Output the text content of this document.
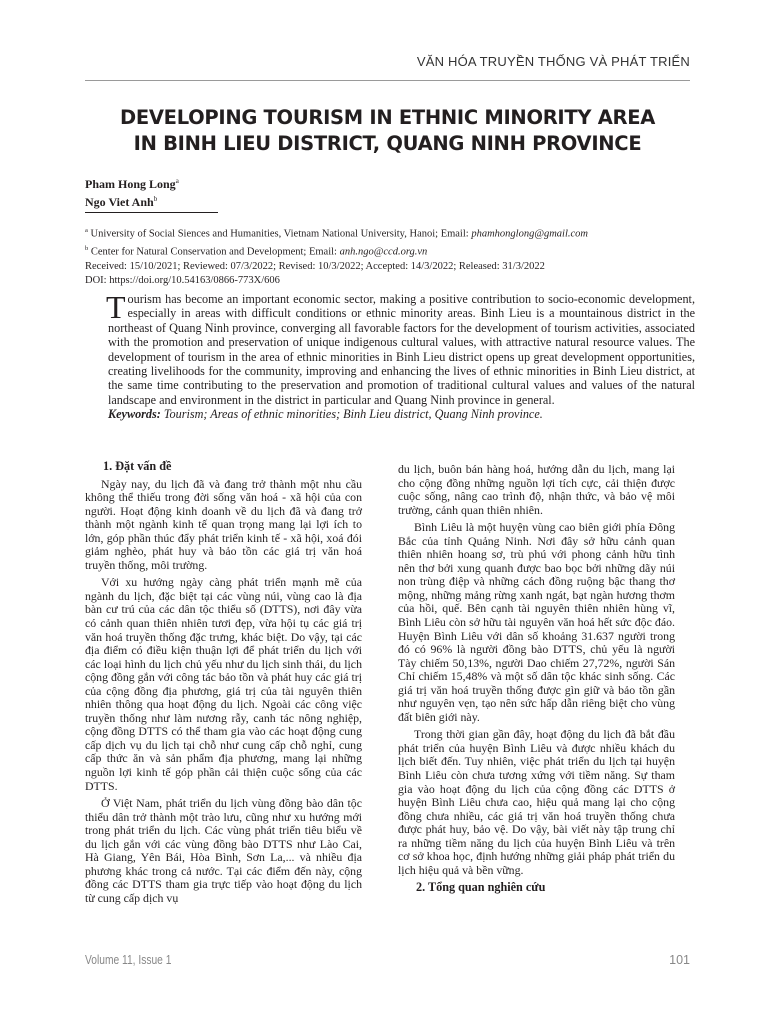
VĂN HÓA TRUYỀN THỐNG VÀ PHÁT TRIỂN
DEVELOPING TOURISM IN ETHNIC MINORITY AREA
IN BINH LIEU DISTRICT, QUANG NINH PROVINCE
Pham Hong Long$^a$
Ngo Viet Anh$^b$
$^a$ University of Social Siences and Humanities, Vietnam National University, Hanoi; Email: phamhonglong@gmail.com
$^b$ Center for Natural Conservation and Development; Email: anh.ngo@ccd.org.vn
Received: 15/10/2021; Reviewed: 07/3/2022; Revised: 10/3/2022; Accepted: 14/3/2022; Released: 31/3/2022
DOI: https://doi.org/10.54163/0866-773X/606
Tourism has become an important economic sector, making a positive contribution to socio-economic development, especially in areas with difficult conditions or ethnic minority areas. Binh Lieu is a mountainous district in the northeast of Quang Ninh province, converging all favorable factors for the development of tourism activities, associated with the promotion and preservation of unique indigenous cultural values, with attractive natural resource values. The development of tourism in the area of ethnic minorities in Binh Lieu district opens up great development opportunities, creating livelihoods for the community, improving and enhancing the lives of ethnic minorities in Binh Lieu district, at the same time contributing to the preservation and promotion of traditional cultural values and values of the natural landscape and environment in the district in particular and Quang Ninh province in general.
Keywords: Tourism; Areas of ethnic minorities; Binh Lieu district, Quang Ninh province.
1. Đặt vấn đề

Ngày nay, du lịch đã và đang trở thành một nhu cầu không thể thiếu trong đời sống văn hoá - xã hội của con người. Hoạt động kinh doanh về du lịch đã và đang trở thành một ngành kinh tế quan trọng mang lại lợi ích to lớn, góp phần thúc đẩy phát triển kinh tế - xã hội, xoá đói giảm nghèo, phát huy và bảo tồn các giá trị văn hoá truyền thống, môi trường.

Với xu hướng ngày càng phát triển mạnh mẽ của ngành du lịch, đặc biệt tại các vùng núi, vùng cao là địa bàn cư trú của các dân tộc thiểu số (DTTS), nơi đây vừa có cảnh quan thiên nhiên tươi đẹp, vừa hội tụ các giá trị văn hoá truyền thống đặc trưng, khác biệt. Do vậy, tại các địa điểm có điều kiện thuận lợi để phát triển du lịch với các loại hình du lịch chủ yếu như du lịch sinh thái, du lịch cộng đồng gắn với công tác bảo tồn và phát huy các giá trị của cộng đồng địa phương, giá trị của tài nguyên thiên nhiên thông qua hoạt động du lịch. Ngoài các công việc truyền thống như làm nương rẫy, canh tác nông nghiệp, cộng đồng DTTS có thể tham gia vào các hoạt động cung cấp dịch vụ du lịch tại chỗ như cung cấp chỗ nghỉ, cung cấp thức ăn và sản phẩm địa phương, mang lại những nguồn lợi kinh tế góp phần cải thiện cuộc sống của các DTTS.

Ở Việt Nam, phát triển du lịch vùng đồng bào dân tộc thiểu dân trở thành một trào lưu, cũng như xu hướng mới trong phát triển du lịch. Các vùng phát triển tiêu biểu về du lịch gắn với các vùng đồng bào DTTS như Lào Cai, Hà Giang, Yên Bái, Hòa Bình, Sơn La,... và nhiều địa phương khác trong cả nước. Tại các điểm đến này, cộng đồng các DTTS tham gia trực tiếp vào hoạt động du lịch từ cung cấp dịch vụ

du lịch, buôn bán hàng hoá, hướng dẫn du lịch, mang lại cho cộng đồng những nguồn lợi tích cực, cải thiện được cuộc sống, nâng cao trình độ, nhận thức, và bảo vệ môi trường, cảnh quan thiên nhiên.

Bình Liêu là một huyện vùng cao biên giới phía Đông Bắc của tỉnh Quảng Ninh. Nơi đây sở hữu cảnh quan thiên nhiên hoang sơ, trù phú với phong cảnh hữu tình nên thơ bởi xung quanh được bao bọc bởi những dãy núi non trùng điệp và những cách đồng ruộng bậc thang thơ mộng, những mảng rừng xanh ngát, bạt ngàn hương thơm của hồi, quế. Bên cạnh tài nguyên thiên nhiên hùng vĩ, Bình Liêu còn sở hữu tài nguyên văn hoá hết sức độc đáo. Huyện Bình Liêu với dân số khoảng 31.637 người trong đó có 96% là người đồng bào DTTS, chủ yếu là người Tày chiếm 50,13%, người Dao chiếm 27,72%, người Sán Chỉ chiếm 15,48% và một số dân tộc khác sinh sống. Các giá trị văn hoá truyền thống được gìn giữ và bảo tồn gần như nguyên vẹn, tạo nên sức hấp dẫn riêng biệt cho vùng đất biên giới này.

Trong thời gian gần đây, hoạt động du lịch đã bắt đầu phát triển của huyện Bình Liêu và được nhiều khách du lịch biết đến. Tuy nhiên, việc phát triển du lịch tại huyện Bình Liêu còn chưa tương xứng với tiềm năng. Sự tham gia vào hoạt động du lịch của cộng đồng các DTTS ở huyện Bình Liêu chưa cao, hiệu quả mang lại cho cộng đồng chưa nhiều, các giá trị văn hoá truyền thống chưa được phát huy, bảo vệ. Do vậy, bài viết này tập trung chỉ ra những tiềm năng du lịch của huyện Bình Liêu và trên cơ sở khoa học, định hướng những giải pháp phát triển du lịch hiệu quả và bền vững.

2. Tổng quan nghiên cứu
Volume 11, Issue 1	101
